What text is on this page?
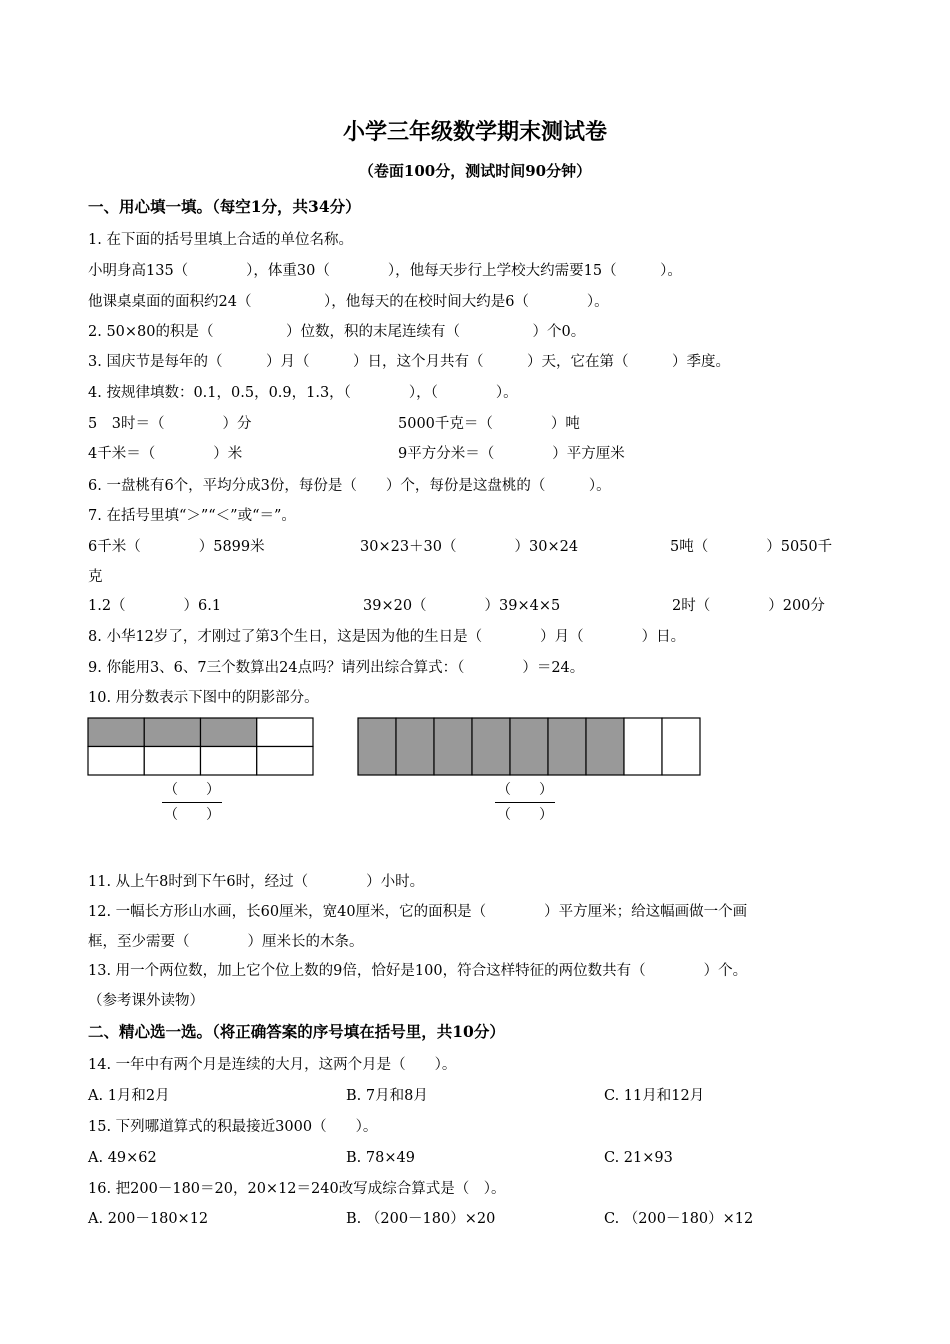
小学三年级数学期末测试卷
（卷面100分，测试时间90分钟）
一、用心填一填。（每空1分，共34分）
1. 在下面的括号里填上合适的单位名称。
小明身高135（　　　　），体重30（　　　　），他每天步行上学校大约需要15（　　　）。
他课桌桌面的面积约24（　　　　　），他每天的在校时间大约是6（　　　　）。
2. 50×80的积是（　　　　　）位数，积的末尾连续有（　　　　　）个0。
3. 国庆节是每年的（　　　）月（　　　）日，这个月共有（　　　）天，它在第（　　　）季度。
4. 按规律填数：0.1，0.5，0.9，1.3，（　　　　），（　　　　）。
5　3时＝（　　　　）分	5000千克＝（　　　　）吨
4千米＝（　　　　）米	9平方分米＝（　　　　）平方厘米
6. 一盘桃有6个，平均分成3份，每份是（　　）个，每份是这盘桃的（　　　）。
7. 在括号里填“＞”“＜”或“＝”。
6千米（　　　　）5899米	30×23＋30（　　　　）30×24	5吨（　　　　）5050千
克
1.2（　　　　）6.1	39×20（　　　　）39×4×5	2时（　　　　）200分
8. 小华12岁了，才刚过了第3个生日，这是因为他的生日是（　　　　）月（　　　　）日。
9. 你能用3、6、7三个数算出24点吗？请列出综合算式：（　　　　）＝24。
10. 用分数表示下图中的阴影部分。
（　　）
（　　）
（　　）
（　　）
11. 从上午8时到下午6时，经过（　　　　）小时。
12. 一幅长方形山水画，长60厘米，宽40厘米，它的面积是（　　　　）平方厘米；给这幅画做一个画
框，至少需要（　　　　）厘米长的木条。
13. 用一个两位数，加上它个位上数的9倍，恰好是100，符合这样特征的两位数共有（　　　　）个。
（参考课外读物）
二、精心选一选。（将正确答案的序号填在括号里，共10分）
14. 一年中有两个月是连续的大月，这两个月是（　　）。
A. 1月和2月	B. 7月和8月	C. 11月和12月
15. 下列哪道算式的积最接近3000（　　）。
A. 49×62	B. 78×49	C. 21×93
16. 把200－180＝20，20×12＝240改写成综合算式是（　）。
A. 200－180×12	B. （200－180）×20	C. （200－180）×12
